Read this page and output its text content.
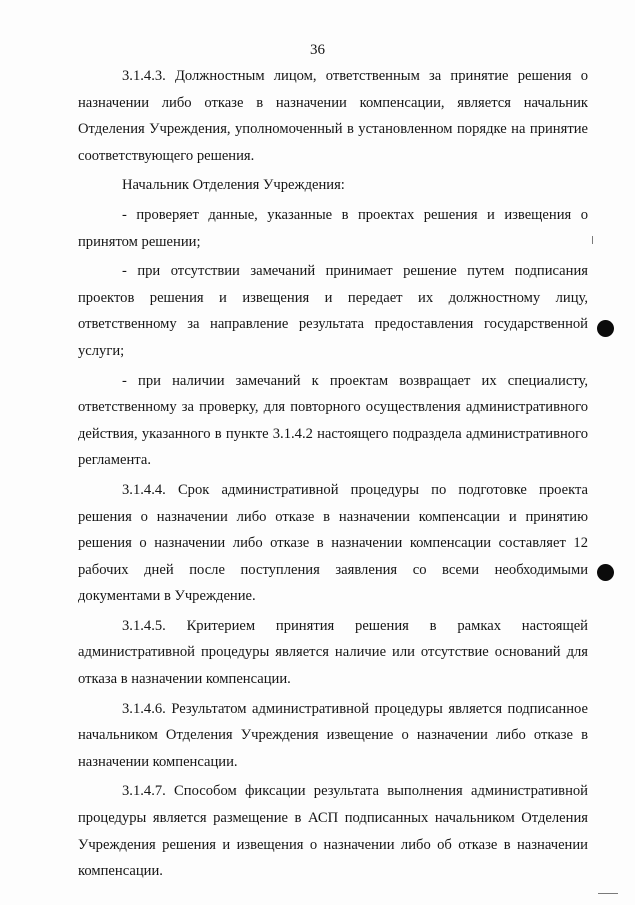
36

3.1.4.3. Должностным лицом, ответственным за принятие решения о назначении либо отказе в назначении компенсации, является начальник Отделения Учреждения, уполномоченный в установленном порядке на принятие соответствующего решения.

Начальник Отделения Учреждения:

- проверяет данные, указанные в проектах решения и извещения о принятом решении;

- при отсутствии замечаний принимает решение путем подписания проектов решения и извещения и передает их должностному лицу, ответственному за направление результата предоставления государственной услуги;

- при наличии замечаний к проектам возвращает их специалисту, ответственному за проверку, для повторного осуществления административного действия, указанного в пункте 3.1.4.2 настоящего подраздела административного регламента.

3.1.4.4. Срок административной процедуры по подготовке проекта решения о назначении либо отказе в назначении компенсации и принятию решения о назначении либо отказе в назначении компенсации составляет 12 рабочих дней после поступления заявления со всеми необходимыми документами в Учреждение.

3.1.4.5. Критерием принятия решения в рамках настоящей административной процедуры является наличие или отсутствие оснований для отказа в назначении компенсации.

3.1.4.6. Результатом административной процедуры является подписанное начальником Отделения Учреждения извещение о назначении либо отказе в назначении компенсации.

3.1.4.7. Способом фиксации результата выполнения административной процедуры является размещение в АСП подписанных начальником Отделения Учреждения решения и извещения о назначении либо об отказе в назначении компенсации.
